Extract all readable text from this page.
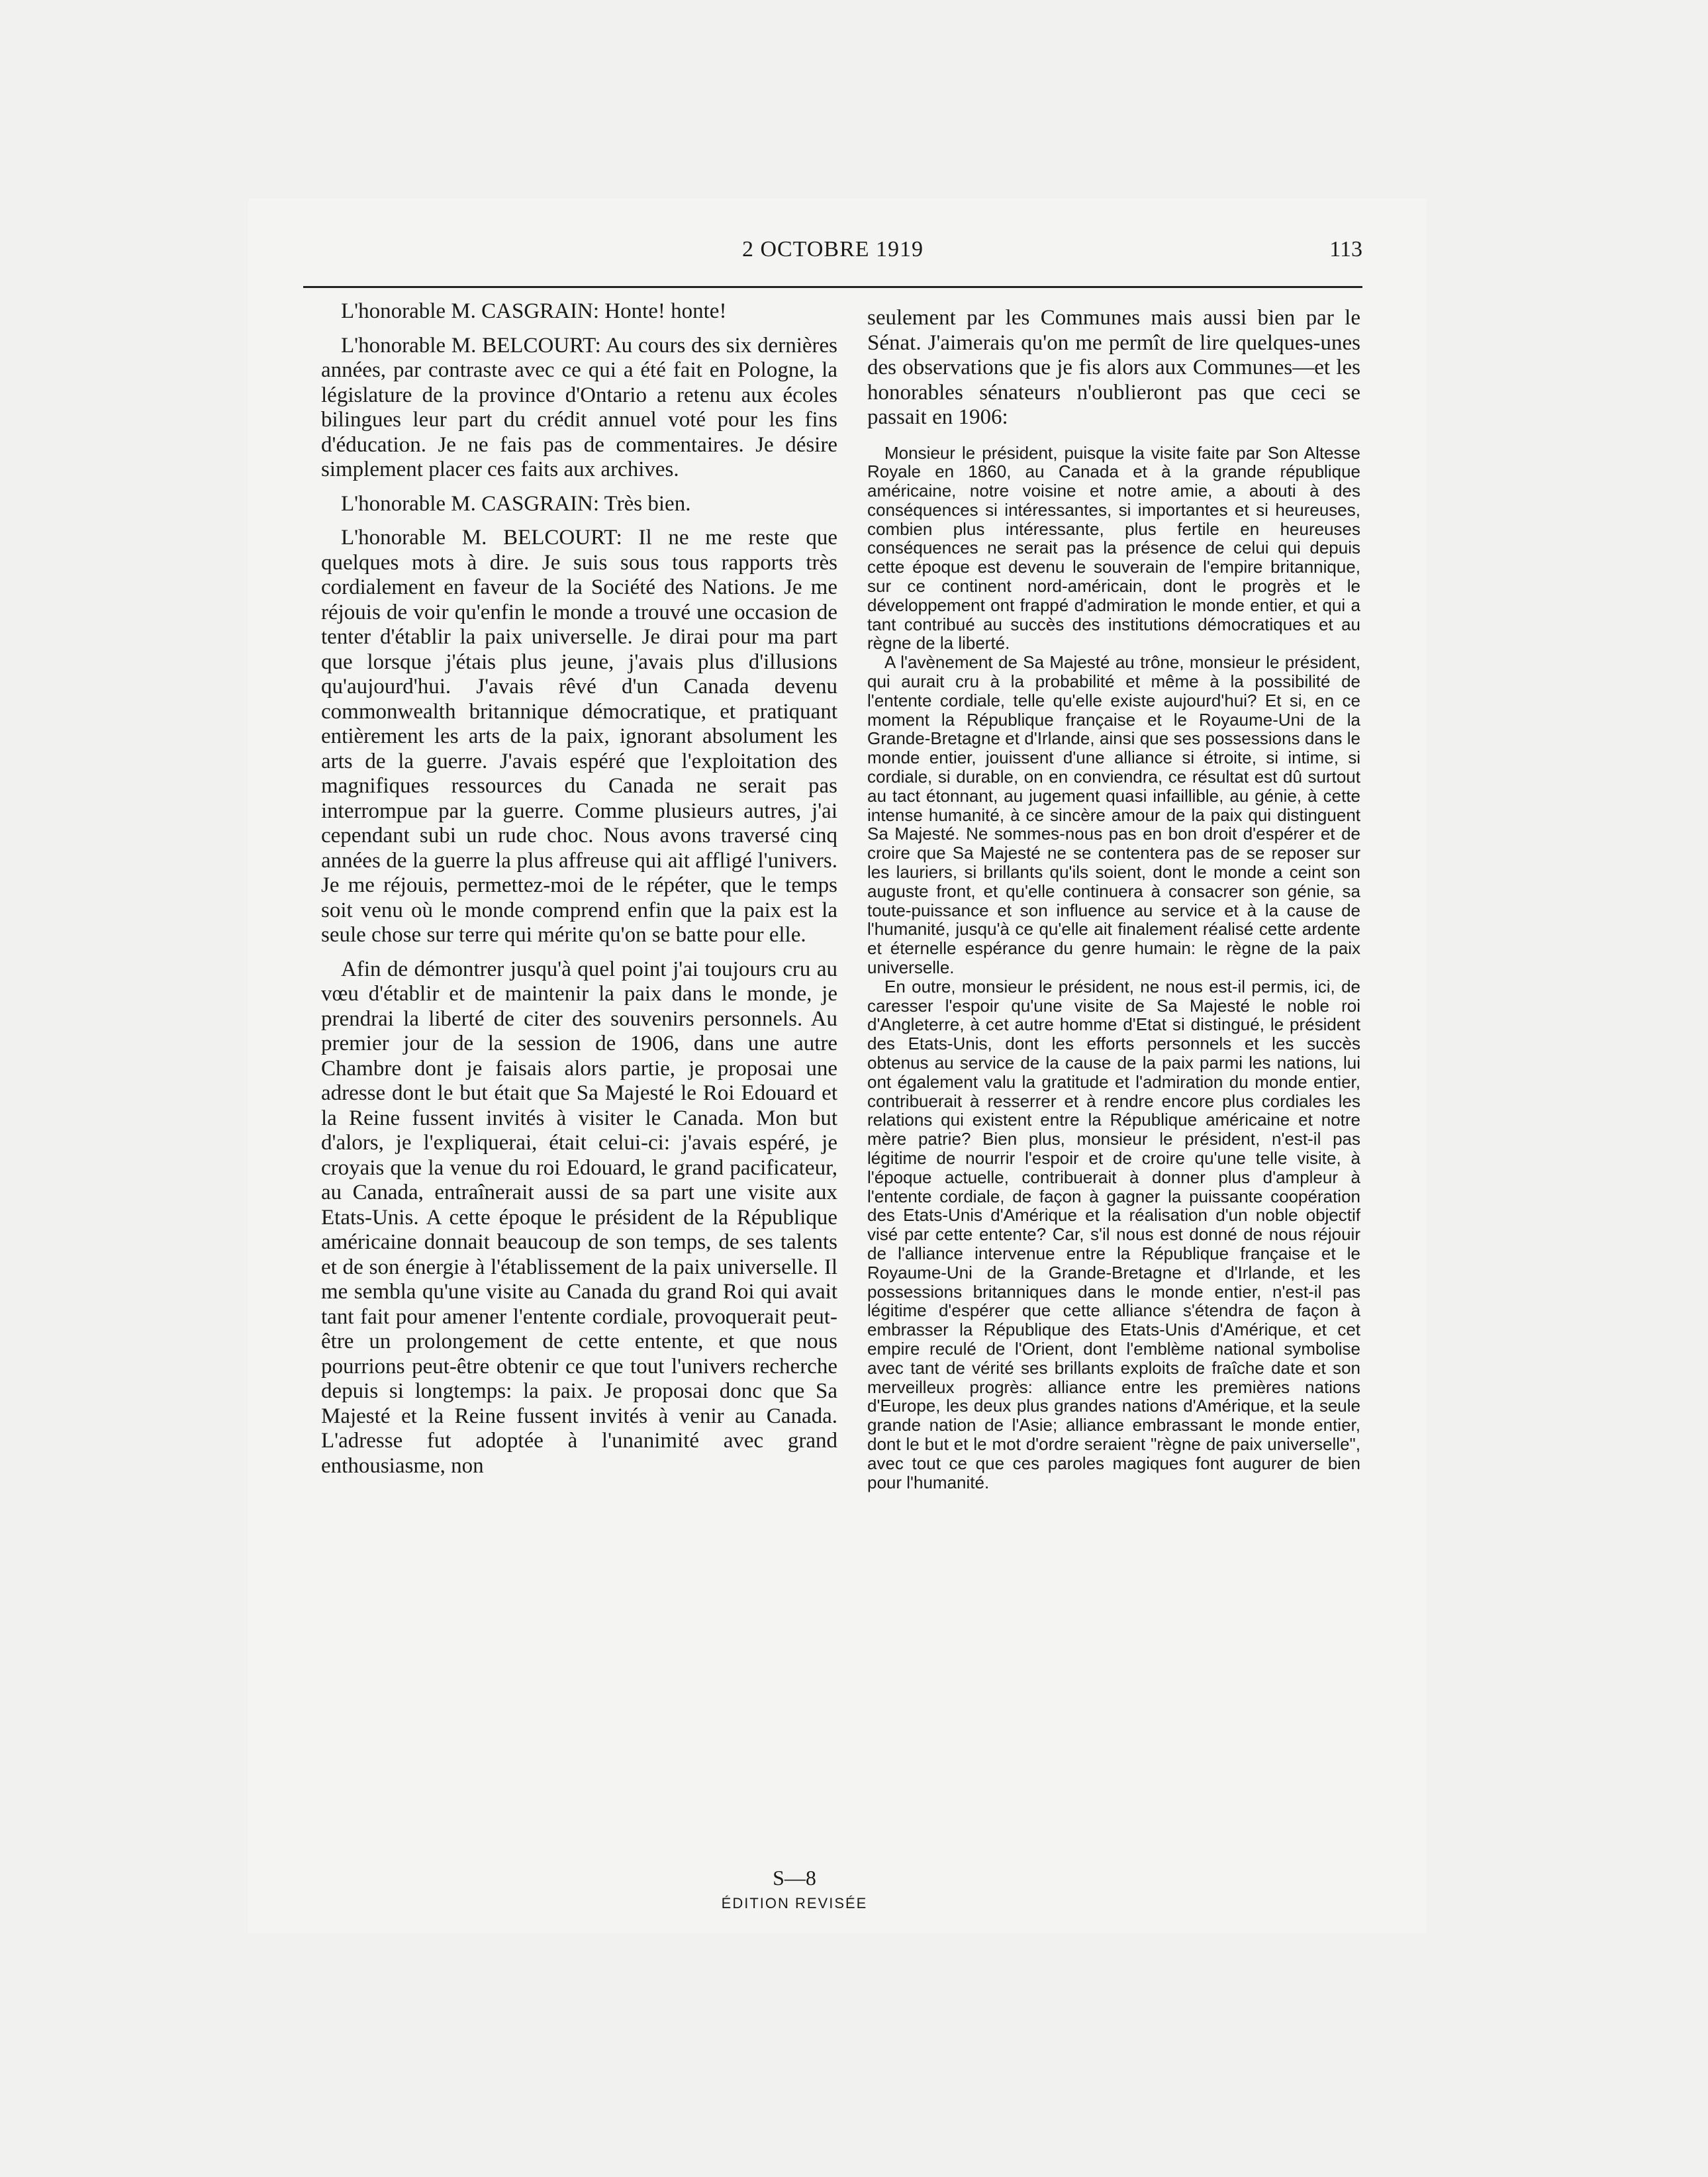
2 OCTOBRE 1919	113

L'honorable M. CASGRAIN: Honte! honte!

L'honorable M. BELCOURT: Au cours des six dernières années, par contraste avec ce qui a été fait en Pologne, la législature de la province d'Ontario a retenu aux écoles bilingues leur part du crédit annuel voté pour les fins d'éducation. Je ne fais pas de commentaires. Je désire simplement placer ces faits aux archives.

L'honorable M. CASGRAIN: Très bien.

L'honorable M. BELCOURT: Il ne me reste que quelques mots à dire. Je suis sous tous rapports très cordialement en faveur de la Société des Nations. Je me réjouis de voir qu'enfin le monde a trouvé une occasion de tenter d'établir la paix universelle. Je dirai pour ma part que lorsque j'étais plus jeune, j'avais plus d'illusions qu'aujourd'hui. J'avais rêvé d'un Canada devenu commonwealth britannique démocratique, et pratiquant entièrement les arts de la paix, ignorant absolument les arts de la guerre. J'avais espéré que l'exploitation des magnifiques ressources du Canada ne serait pas interrompue par la guerre. Comme plusieurs autres, j'ai cependant subi un rude choc. Nous avons traversé cinq années de la guerre la plus affreuse qui ait affligé l'univers. Je me réjouis, permettez-moi de le répéter, que le temps soit venu où le monde comprend enfin que la paix est la seule chose sur terre qui mérite qu'on se batte pour elle.

Afin de démontrer jusqu'à quel point j'ai toujours cru au vœu d'établir et de maintenir la paix dans le monde, je prendrai la liberté de citer des souvenirs personnels. Au premier jour de la session de 1906, dans une autre Chambre dont je faisais alors partie, je proposai une adresse dont le but était que Sa Majesté le Roi Edouard et la Reine fussent invités à visiter le Canada. Mon but d'alors, je l'expliquerai, était celui-ci: j'avais espéré, je croyais que la venue du roi Edouard, le grand pacificateur, au Canada, entraînerait aussi de sa part une visite aux Etats-Unis. A cette époque le président de la République américaine donnait beaucoup de son temps, de ses talents et de son énergie à l'établissement de la paix universelle. Il me sembla qu'une visite au Canada du grand Roi qui avait tant fait pour amener l'entente cordiale, provoquerait peut-être un prolongement de cette entente, et que nous pourrions peut-être obtenir ce que tout l'univers recherche depuis si longtemps: la paix. Je proposai donc que Sa Majesté et la Reine fussent invités à venir au Canada. L'adresse fut adoptée à l'unanimité avec grand enthousiasme, non

seulement par les Communes mais aussi bien par le Sénat. J'aimerais qu'on me permît de lire quelques-unes des observations que je fis alors aux Communes—et les honorables sénateurs n'oublieront pas que ceci se passait en 1906:

Monsieur le président, puisque la visite faite par Son Altesse Royale en 1860, au Canada et à la grande république américaine, notre voisine et notre amie, a abouti à des conséquences si intéressantes, si importantes et si heureuses, combien plus intéressante, plus fertile en heureuses conséquences ne serait pas la présence de celui qui depuis cette époque est devenu le souverain de l'empire britannique, sur ce continent nord-américain, dont le progrès et le développement ont frappé d'admiration le monde entier, et qui a tant contribué au succès des institutions démocratiques et au règne de la liberté.

A l'avènement de Sa Majesté au trône, monsieur le président, qui aurait cru à la probabilité et même à la possibilité de l'entente cordiale, telle qu'elle existe aujourd'hui? Et si, en ce moment la République française et le Royaume-Uni de la Grande-Bretagne et d'Irlande, ainsi que ses possessions dans le monde entier, jouissent d'une alliance si étroite, si intime, si cordiale, si durable, on en conviendra, ce résultat est dû surtout au tact étonnant, au jugement quasi infaillible, au génie, à cette intense humanité, à ce sincère amour de la paix qui distinguent Sa Majesté. Ne sommes-nous pas en bon droit d'espérer et de croire que Sa Majesté ne se contentera pas de se reposer sur les lauriers, si brillants qu'ils soient, dont le monde a ceint son auguste front, et qu'elle continuera à consacrer son génie, sa toute-puissance et son influence au service et à la cause de l'humanité, jusqu'à ce qu'elle ait finalement réalisé cette ardente et éternelle espérance du genre humain: le règne de la paix universelle.

En outre, monsieur le président, ne nous est-il permis, ici, de caresser l'espoir qu'une visite de Sa Majesté le noble roi d'Angleterre, à cet autre homme d'Etat si distingué, le président des Etats-Unis, dont les efforts personnels et les succès obtenus au service de la cause de la paix parmi les nations, lui ont également valu la gratitude et l'admiration du monde entier, contribuerait à resserrer et à rendre encore plus cordiales les relations qui existent entre la République américaine et notre mère patrie? Bien plus, monsieur le président, n'est-il pas légitime de nourrir l'espoir et de croire qu'une telle visite, à l'époque actuelle, contribuerait à donner plus d'ampleur à l'entente cordiale, de façon à gagner la puissante coopération des Etats-Unis d'Amérique et la réalisation d'un noble objectif visé par cette entente? Car, s'il nous est donné de nous réjouir de l'alliance intervenue entre la République française et le Royaume-Uni de la Grande-Bretagne et d'Irlande, et les possessions britanniques dans le monde entier, n'est-il pas légitime d'espérer que cette alliance s'étendra de façon à embrasser la République des Etats-Unis d'Amérique, et cet empire reculé de l'Orient, dont l'emblème national symbolise avec tant de vérité ses brillants exploits de fraîche date et son merveilleux progrès: alliance entre les premières nations d'Europe, les deux plus grandes nations d'Amérique, et la seule grande nation de l'Asie; alliance embrassant le monde entier, dont le but et le mot d'ordre seraient "règne de paix universelle", avec tout ce que ces paroles magiques font augurer de bien pour l'humanité.

S—8
ÉDITION REVISÉE
